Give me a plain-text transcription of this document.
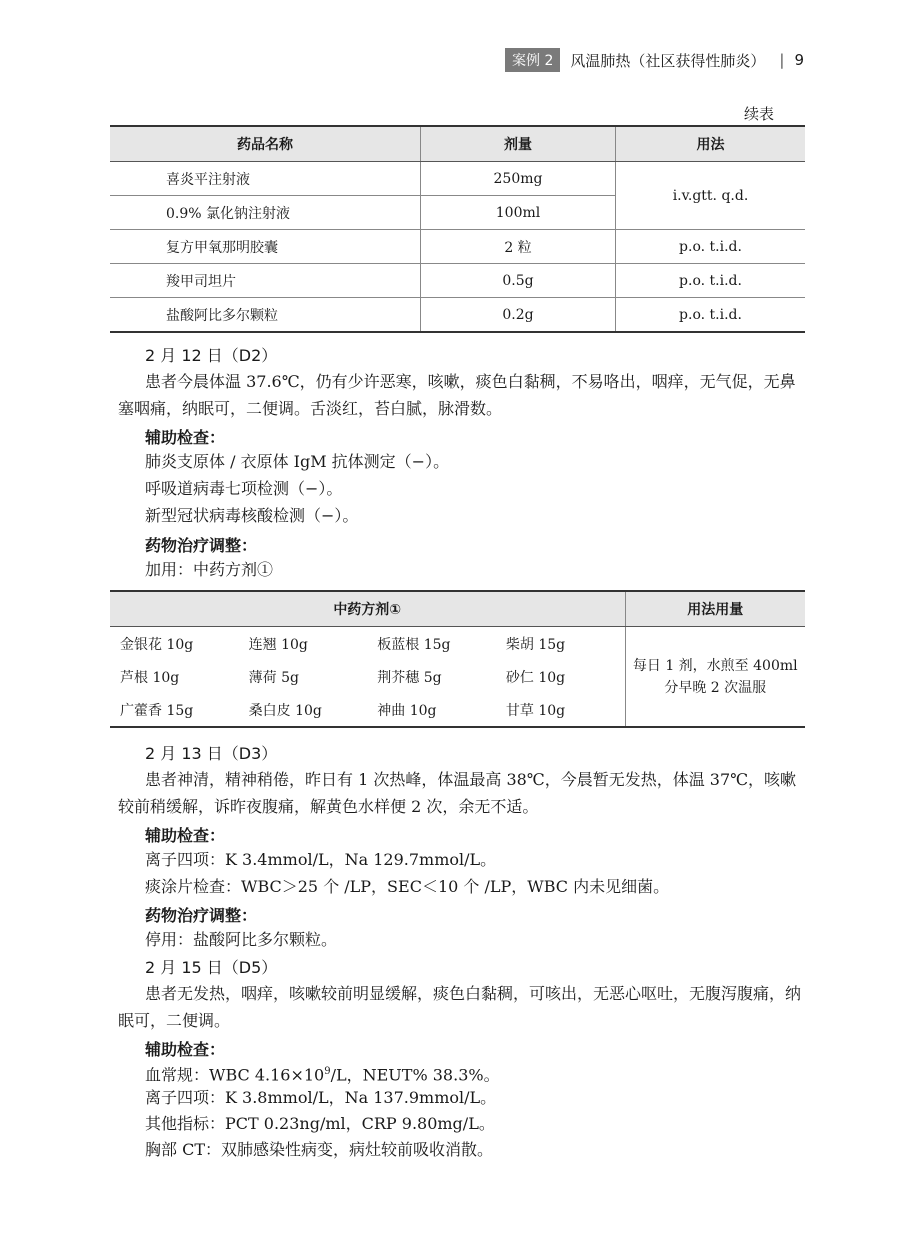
案例 2	风温肺热（社区获得性肺炎） | 9
续表
药品名称	剂量	用法
喜炎平注射液	250mg	i.v.gtt. q.d.
0.9% 氯化钠注射液	100ml	
复方甲氧那明胶囊	2 粒	p.o. t.i.d.
羧甲司坦片	0.5g	p.o. t.i.d.
盐酸阿比多尔颗粒	0.2g	p.o. t.i.d.
2 月 12 日（D2）
患者今晨体温 37.6℃，仍有少许恶寒，咳嗽，痰色白黏稠，不易咯出，咽痒，无气促，无鼻塞咽痛，纳眠可，二便调。舌淡红，苔白腻，脉滑数。
辅助检查：
肺炎支原体 / 衣原体 IgM 抗体测定（−）。
呼吸道病毒七项检测（−）。
新型冠状病毒核酸检测（−）。
药物治疗调整：
加用：中药方剂①
中药方剂①				用法用量
金银花 10g	连翘 10g	板蓝根 15g	柴胡 15g	每日 1 剂，水煎至 400ml
分早晚 2 次温服

芦根 10g	薄荷 5g	荆芥穗 5g	砂仁 10g	
广藿香 15g	桑白皮 10g	神曲 10g	甘草 10g	
2 月 13 日（D3）
患者神清，精神稍倦，昨日有 1 次热峰，体温最高 38℃，今晨暂无发热，体温 37℃，咳嗽较前稍缓解，诉昨夜腹痛，解黄色水样便 2 次，余无不适。
辅助检查：
离子四项：K 3.4mmol/L，Na 129.7mmol/L。
痰涂片检查：WBC＞25 个 /LP，SEC＜10 个 /LP，WBC 内未见细菌。
药物治疗调整：
停用：盐酸阿比多尔颗粒。
2 月 15 日（D5）
患者无发热，咽痒，咳嗽较前明显缓解，痰色白黏稠，可咳出，无恶心呕吐，无腹泻腹痛，纳眠可，二便调。
辅助检查：
血常规：WBC $4.16\times 10^9/L$，NEUT% 38.3%。
离子四项：K 3.8mmol/L，Na 137.9mmol/L。
其他指标：PCT 0.23ng/ml，CRP 9.80mg/L。
胸部 CT：双肺感染性病变，病灶较前吸收消散。
